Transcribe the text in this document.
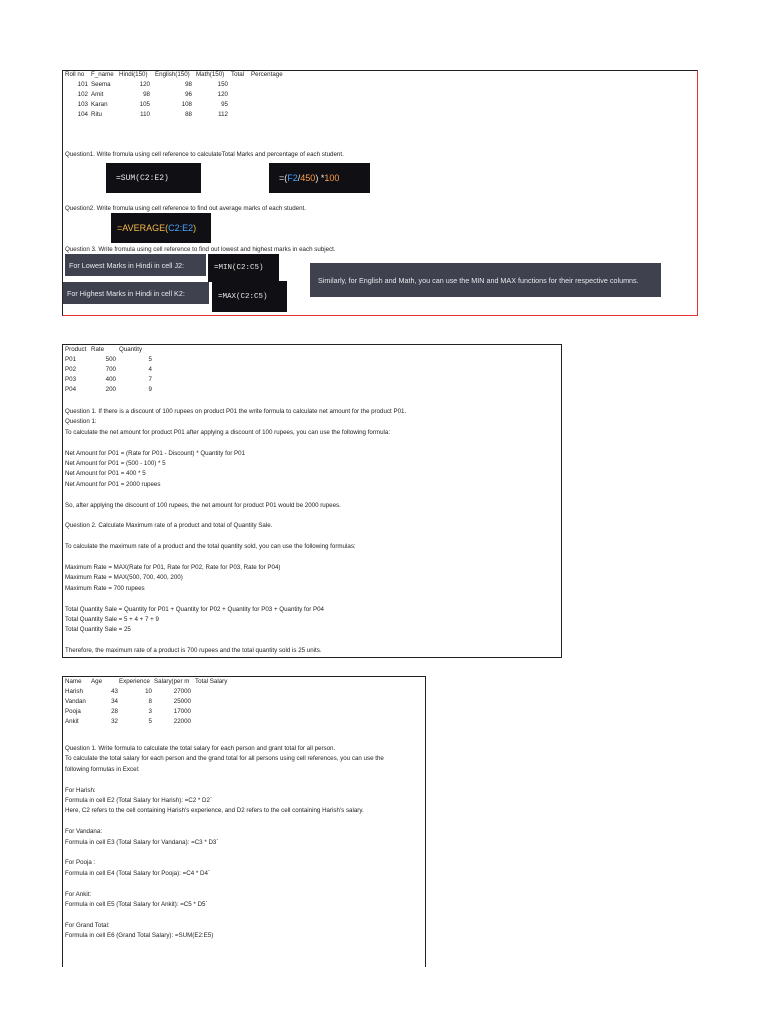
Roll no F_name Hindi(150) English(150) Math(150) Total Percentage
101 Seema	120	98	150
102 Amit	98	96	120
103 Karan	105	108	95
104 Ritu	110	88	112
Question1. Write fromula using cell reference to calculateTotal Marks and percentage of each student.
=SUM(C2:E2)	=( F2 / 450 ) * 100
Question2. Write fromula using cell reference to find out average marks of each student.
=AVERAGE( C2:E2 )
Question 3. Write fromula using cell reference to find out lowest and highest marks in each subject.
For Lowest Marks in Hindi in cell J2:	=MIN(C2:C5)
Similarly, for English and Math, you can use the MIN and MAX functions for their respective columns.
For Highest Marks in Hindi in cell K2:	=MAX(C2:C5)
Product Rate Quantity
P01	500	5
P02	700	4
P03	400	7
P04	200	9
Question 1. If there is a discount of 100 rupees on product P01 the write formula to calculate net amount for the product P01.
Question 1:
To calculate the net amount for product P01 after applying a discount of 100 rupees, you can use the following formula:
Net Amount for P01 = (Rate for P01 - Discount) * Quantity for P01
Net Amount for P01 = (500 - 100) * 5
Net Amount for P01 = 400 * 5
Net Amount for P01 = 2000 rupees
So, after applying the discount of 100 rupees, the net amount for product P01 would be 2000 rupees.
Question 2. Calculate Maximum rate of a product and total of Quantity Sale.
To calculate the maximum rate of a product and the total quantity sold, you can use the following formulas:
Maximum Rate = MAX(Rate for P01, Rate for P02, Rate for P03, Rate for P04)
Maximum Rate = MAX(500, 700, 400, 200)
Maximum Rate = 700 rupees
Total Quantity Sale = Quantity for P01 + Quantity for P02 + Quantity for P03 + Quantity for P04
Total Quantity Sale = 5 + 4 + 7 + 9
Total Quantity Sale = 25
Therefore, the maximum rate of a product is 700 rupees and the total quantity sold is 25 units.
Name Age	Experience Salary(per m Total Salary
Harish	43	10	27000
Vandan	34	8	25000
Pooja	28	3	17000
Ankit	32	5	22000
Question 1. Write formula to calculate the total salary for each person and grant total for all person.
To calculate the total salary for each person and the grand total for all persons using cell references, you can use the
following formulas in Excel:
For Harish:
Formula in cell E2 (Total Salary for Harish): =C2 * D2`
Here, C2 refers to the cell containing Harish's experience, and D2 refers to the cell containing Harish's salary.
For Vandana:
Formula in cell E3 (Total Salary for Vandana): =C3 * D3`
For Pooja :
Formula in cell E4 (Total Salary for Pooja): =C4 * D4`
For Ankit:
Formula in cell E5 (Total Salary for Ankit): =C5 * D5`
For Grand Total:
Formula in cell E6 (Grand Total Salary): =SUM(E2:E5)
